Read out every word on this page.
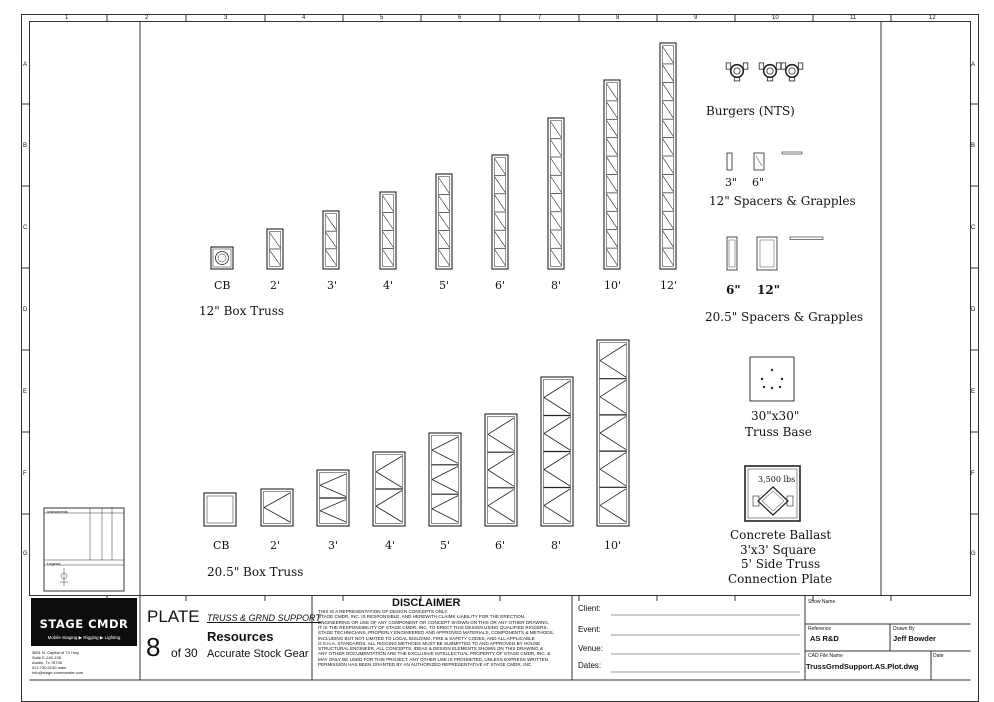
1	2	3	4	5	6	7	8	9	10	11	12
A	A
B	B
C	C
D	D
E	E
F	F
G	G
CB	2'	3'	4'	5'	6'	8'	10'	12'
12" Box Truss
CB	2'	3'	4'	5'	6'	8'	10'
20.5" Box Truss
Burgers (NTS)
3" 6"
12" Spacers & Grapples
6" 12"
20.5" Spacers & Grapples
30"x30"
Truss Base
3,500 lbs
Concrete Ballast
3'x3' Square
5' Side Truss
Connection Plate
Instruments
Legend
STAGE CMDR
Mobile Staging ▶ Rigging ▶ Lighting
3801 N. Capital of TX Hwy
Suite E-240-108
Austin, Tx 78746
512.730.0130 main
info@stage-commander.com
PLATE
8 of 30
TRUSS & GRND SUPPORT
Resources
Accurate Stock Gear
DISCLAIMER
THIS IS A REPRESENTATION OF DESIGN CONCEPTS ONLY.
STAGE CMDR, INC. IS RESPONSIBLE, AND HEREWITH CLAIMS LIABILITY FOR THE ERECTION,
ENGINEERING OR USE OF ANY COMPONENT OR CONCEPT SHOWN ON THIS OR ANY OTHER DRAWING.
IT IS THE RESPONSIBILITY OF STAGE CMDR, INC. TO ERECT THIS DESIGN USING QUALIFIED RIGGERS,
STAGE TECHNICIANS, PROPERLY ENGINEERED AND APPROVED MATERIALS, COMPONENTS & METHODS,
INCLUDING BUT NOT LIMITED TO LOCAL BUILDING, FIRE & SAFETY CODES, AND ALL APPLICABLE
O.S.H.A. STANDARDS. ALL RIGGING METHODS MUST BE SUBMITTED TO AND APPROVED BY HOUSE
STRUCTURAL ENGINEER. ALL CONCEPTS, IDEAS & DESIGN ELEMENTS SHOWN ON THIS DRAWING &
ANY OTHER DOCUMENTATION ARE THE EXCLUSIVE INTELLECTUAL PROPERTY OF STAGE CMDR, INC. &
MAY ONLY BE USED FOR THIS PROJECT. ANY OTHER USE IS PROHIBITED, UNLESS EXPRESS WRITTEN
PERMISSION HAS BEEN GRANTED BY AN AUTHORIZED REPRESENTATIVE AT STAGE CMDR, INC.
Client:
Event:
Venue:
Dates:
Show Name
Reference
AS R&D
Drawn By
Jeff Bowder
CAD File Name
TrussGrndSupport.AS.Plot.dwg
Date
